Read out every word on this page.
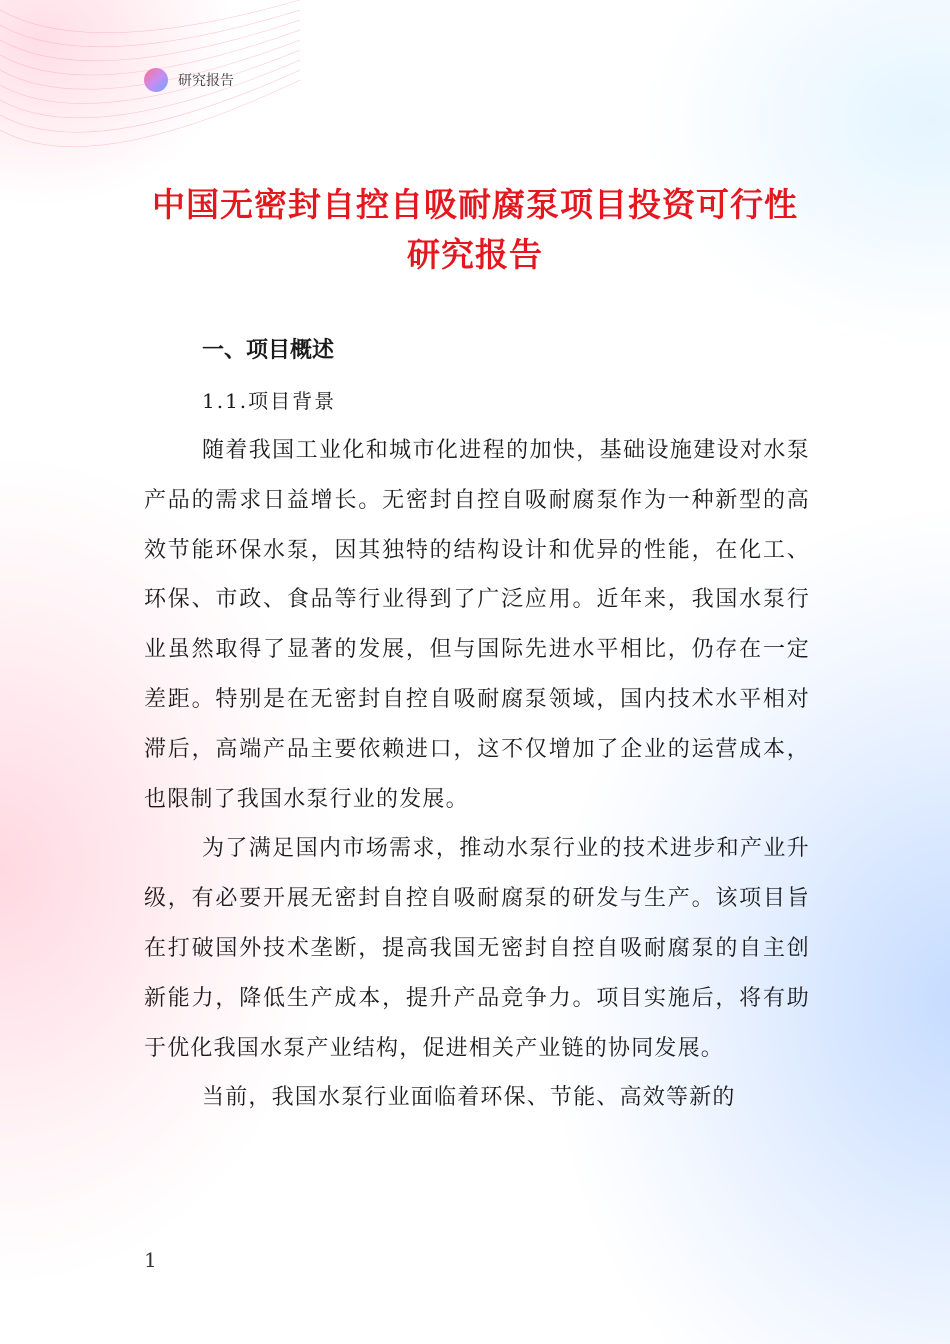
研究报告
中国无密封自控自吸耐腐泵项目投资可行性研究报告

一、项目概述

1.1.项目背景

随着我国工业化和城市化进程的加快，基础设施建设对水泵产品的需求日益增长。无密封自控自吸耐腐泵作为一种新型的高效节能环保水泵，因其独特的结构设计和优异的性能，在化工、环保、市政、食品等行业得到了广泛应用。近年来，我国水泵行业虽然取得了显著的发展，但与国际先进水平相比，仍存在一定差距。特别是在无密封自控自吸耐腐泵领域，国内技术水平相对滞后，高端产品主要依赖进口，这不仅增加了企业的运营成本，也限制了我国水泵行业的发展。

为了满足国内市场需求，推动水泵行业的技术进步和产业升级，有必要开展无密封自控自吸耐腐泵的研发与生产。该项目旨在打破国外技术垄断，提高我国无密封自控自吸耐腐泵的自主创新能力，降低生产成本，提升产品竞争力。项目实施后，将有助于优化我国水泵产业结构，促进相关产业链的协同发展。

当前，我国水泵行业面临着环保、节能、高效等新的

1
